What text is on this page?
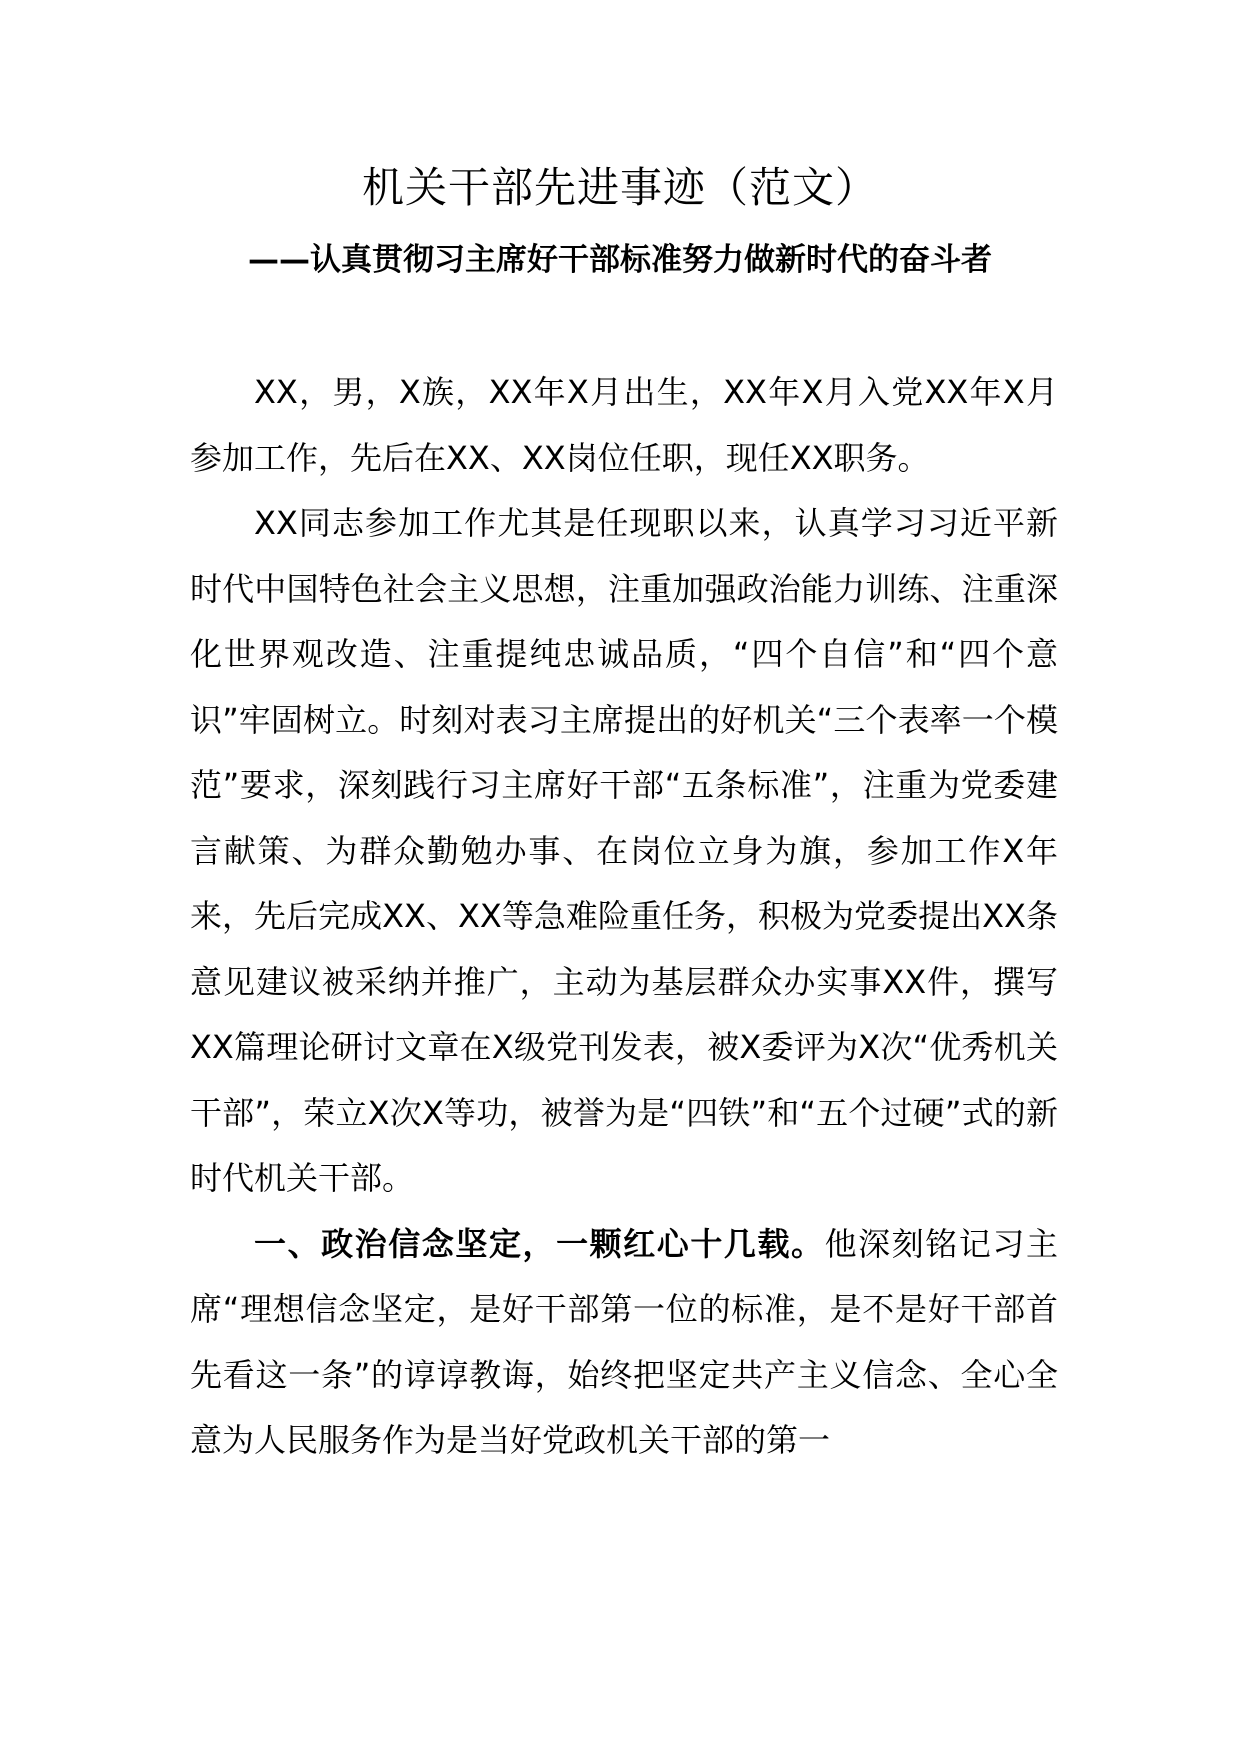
机关干部先进事迹（范文）
——认真贯彻习主席好干部标准努力做新时代的奋斗者

XX，男，X族，XX年X月出生，XX年X月入党XX年X月参加工作，先后在XX、XX岗位任职，现任XX职务。

XX同志参加工作尤其是任现职以来，认真学习习近平新时代中国特色社会主义思想，注重加强政治能力训练、注重深化世界观改造、注重提纯忠诚品质，“四个自信”和“四个意识”牢固树立。时刻对表习主席提出的好机关“三个表率一个模范”要求，深刻践行习主席好干部“五条标准”，注重为党委建言献策、为群众勤勉办事、在岗位立身为旗，参加工作X年来，先后完成XX、XX等急难险重任务，积极为党委提出XX条意见建议被采纳并推广，主动为基层群众办实事XX件，撰写XX篇理论研讨文章在X级党刊发表，被X委评为X次“优秀机关干部”，荣立X次X等功，被誉为是“四铁”和“五个过硬”式的新时代机关干部。

一、政治信念坚定，一颗红心十几载。他深刻铭记习主席“理想信念坚定，是好干部第一位的标准，是不是好干部首先看这一条”的谆谆教诲，始终把坚定共产主义信念、全心全意为人民服务作为是当好党政机关干部的第一
